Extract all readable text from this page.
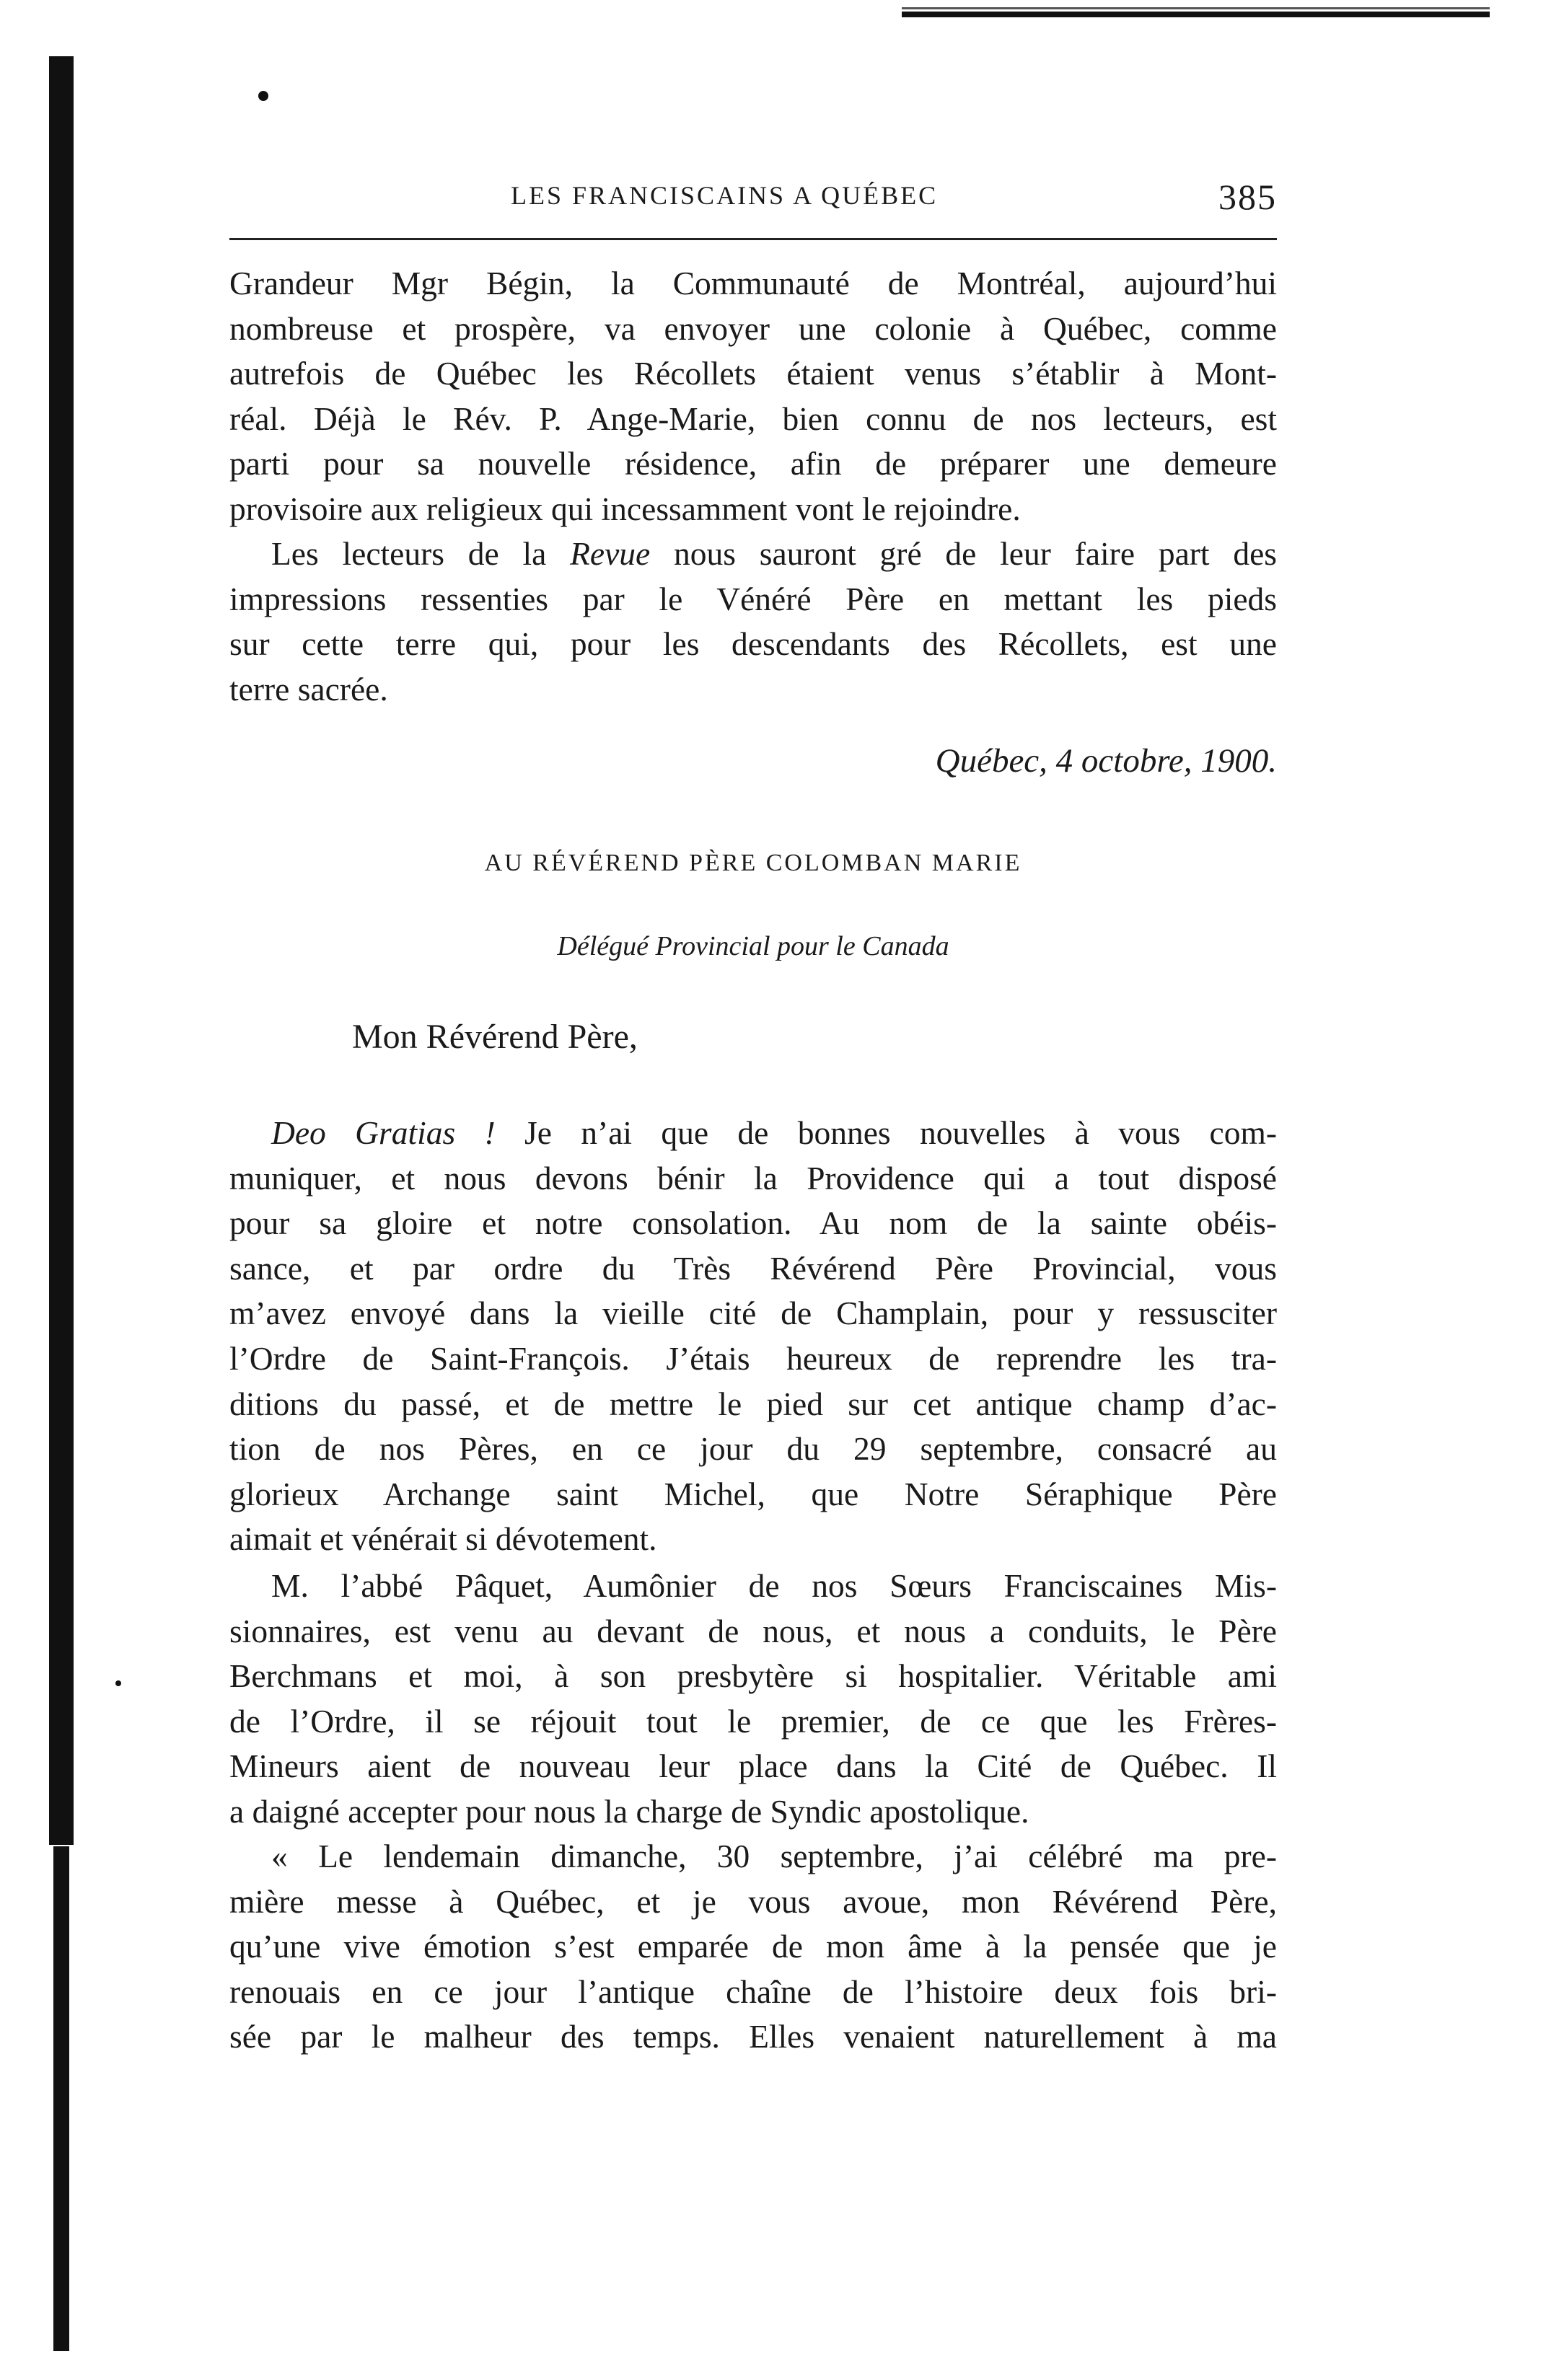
LES FRANCISCAINS A QUÉBEC	385
Grandeur Mgr Bégin, la Communauté de Montréal, aujourd’hui
nombreuse et prospère, va envoyer une colonie à Québec, comme
autrefois de Québec les Récollets étaient venus s’établir à Mont-
réal. Déjà le Rév. P. Ange-Marie, bien connu de nos lecteurs, est
parti pour sa nouvelle résidence, afin de préparer une demeure
provisoire aux religieux qui incessamment vont le rejoindre.
Les lecteurs de la Revue nous sauront gré de leur faire part des
impressions ressenties par le Vénéré Père en mettant les pieds
sur cette terre qui, pour les descendants des Récollets, est une
terre sacrée.
Québec, 4 octobre, 1900.
AU RÉVÉREND PÈRE COLOMBAN MARIE
Délégué Provincial pour le Canada
Mon Révérend Père,
Deo Gratias ! Je n’ai que de bonnes nouvelles à vous com-
muniquer, et nous devons bénir la Providence qui a tout disposé
pour sa gloire et notre consolation. Au nom de la sainte obéis-
sance, et par ordre du Très Révérend Père Provincial, vous
m’avez envoyé dans la vieille cité de Champlain, pour y ressusciter
l’Ordre de Saint-François. J’étais heureux de reprendre les tra-
ditions du passé, et de mettre le pied sur cet antique champ d’ac-
tion de nos Pères, en ce jour du 29 septembre, consacré au
glorieux Archange saint Michel, que Notre Séraphique Père
aimait et vénérait si dévotement.
M. l’abbé Pâquet, Aumônier de nos Sœurs Franciscaines Mis-
sionnaires, est venu au devant de nous, et nous a conduits, le Père
Berchmans et moi, à son presbytère si hospitalier. Véritable ami
de l’Ordre, il se réjouit tout le premier, de ce que les Frères-
Mineurs aient de nouveau leur place dans la Cité de Québec. Il
a daigné accepter pour nous la charge de Syndic apostolique.
« Le lendemain dimanche, 30 septembre, j’ai célébré ma pre-
mière messe à Québec, et je vous avoue, mon Révérend Père,
qu’une vive émotion s’est emparée de mon âme à la pensée que je
renouais en ce jour l’antique chaîne de l’histoire deux fois bri-
sée par le malheur des temps. Elles venaient naturellement à ma
